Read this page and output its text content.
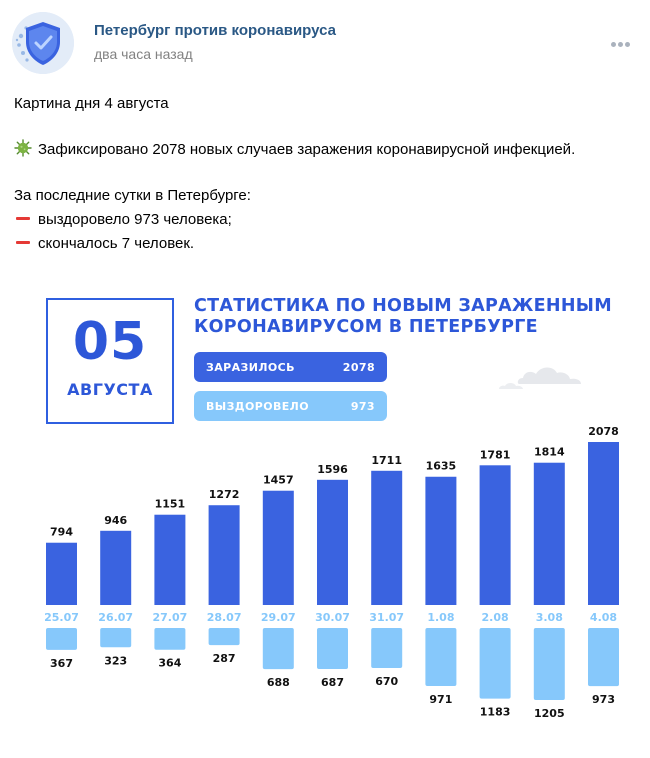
Петербург против коронавируса
два часа назад
Картина дня 4 августа
Зафиксировано 2078 новых случаев заражения коронавирусной инфекцией.
За последние сутки в Петербурге:
выздоровело 973 человека;
скончалось 7 человек.
05
АВГУСТА
СТАТИСТИКА ПО НОВЫМ ЗАРАЖЕННЫМ
КОРОНАВИРУСОМ В ПЕТЕРБУРГЕ
ЗАРАЗИЛОСЬ	2078
ВЫЗДОРОВЕЛО	973
794
25.07
367
946
26.07
323
1151
27.07
364
1272
28.07
287
1457
29.07
688
1596
30.07
687
1711
31.07
670
1635
1.08
971
1781
2.08
1183
1814
3.08
1205
2078
4.08
973
